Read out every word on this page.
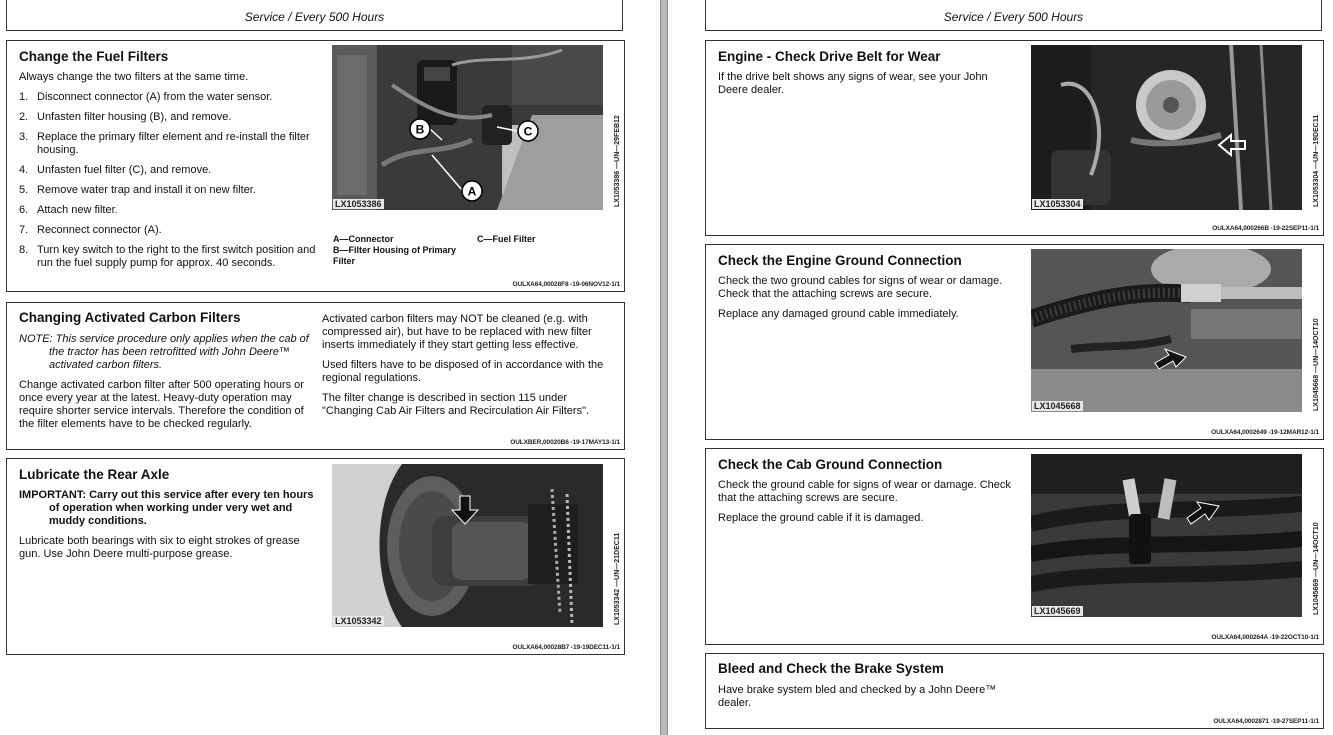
Service / Every 500 Hours
Change the Fuel Filters

Always change the two filters at the same time.

1. Disconnect connector (A) from the water sensor.
2. Unfasten filter housing (B), and remove.
3. Replace the primary filter element and re-install the filter housing.
4. Unfasten fuel filter (C), and remove.
5. Remove water trap and install it on new filter.
6. Attach new filter.
7. Reconnect connector (A).
8. Turn key switch to the right to the first switch position and run the fuel supply pump for approx. 40 seconds.
B	C
A
LX1053386	LX1053386 —UN—29FEB12
A—Connector
B—Filter Housing of Primary Filter
C—Fuel Filter
OULXA64,00028F8 -19-06NOV12-1/1
Changing Activated Carbon Filters

NOTE: This service procedure only applies when the cab of the tractor has been retrofitted with John Deere™ activated carbon filters.

Change activated carbon filter after 500 operating hours or once every year at the latest. Heavy-duty operation may require shorter service intervals. Therefore the condition of the filter elements have to be checked regularly.

Activated carbon filters may NOT be cleaned (e.g. with compressed air), but have to be replaced with new filter inserts immediately if they start getting less effective.

Used filters have to be disposed of in accordance with the regional regulations.

The filter change is described in section 115 under "Changing Cab Air Filters and Recirculation Air Filters".

OULXBER,00020B6 -19-17MAY13-1/1
Lubricate the Rear Axle

IMPORTANT: Carry out this service after every ten hours of operation when working under very wet and muddy conditions.

Lubricate both bearings with six to eight strokes of grease gun. Use John Deere multi-purpose grease.

LX1053342	LX1053342 —UN—21DEC11
OULXA64,00028B7 -19-19DEC11-1/1
Service / Every 500 Hours
Engine - Check Drive Belt for Wear

If the drive belt shows any signs of wear, see your John Deere dealer.

LX1053304	LX1053304 —UN—19DEC11
OULXA64,000266B -19-22SEP11-1/1
Check the Engine Ground Connection

Check the two ground cables for signs of wear or damage. Check that the attaching screws are secure.

Replace any damaged ground cable immediately.

LX1045668	LX1045668 —UN—14OCT10
OULXA64,0002649 -19-12MAR12-1/1
Check the Cab Ground Connection

Check the ground cable for signs of wear or damage. Check that the attaching screws are secure.

Replace the ground cable if it is damaged.

LX1045669	LX1045669 —UN—14OCT10
OULXA64,000264A -19-22OCT10-1/1
Bleed and Check the Brake System

Have brake system bled and checked by a John Deere™ dealer.

OULXA64,0002871 -19-27SEP11-1/1
